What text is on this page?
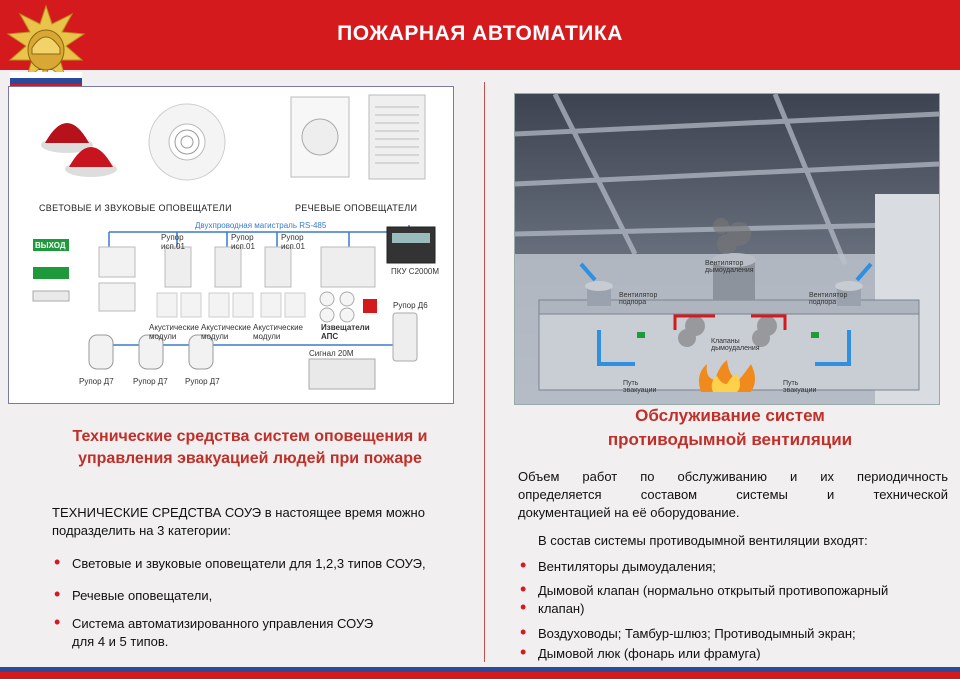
ПОЖАРНАЯ АВТОМАТИКА
СВЕТОВЫЕ И ЗВУКОВЫЕ ОПОВЕЩАТЕЛИ	РЕЧЕВЫЕ ОПОВЕЩАТЕЛИ
Двухпроводная магистраль RS-485
ВЫХОД
Рупор исп.01
Рупор исп.01
Рупор исп.01
ПКУ С2000М
Акустические модули
Акустические модули
Акустические модули
Извещатели АПС
Рупор Д6
Сигнал 20М
Рупор Д7 Рупор Д7 Рупор Д7
Вентилятор подпора
Вентилятор дымоудаления
Вентилятор подпора
Клапаны дымоудаления
Путь эвакуации
Путь эвакуации
Технические средства систем оповещения и
управления эвакуацией людей при пожаре
ТЕХНИЧЕСКИЕ СРЕДСТВА СОУЭ в настоящее время можно
подразделить на 3 категории:
• Световые и звуковые оповещатели для 1,2,3 типов СОУЭ,
• Речевые оповещатели,
• Система автоматизированного управления СОУЭ
для 4 и 5 типов.
Обслуживание систем
противодымной вентиляции
Объем работ по обслуживанию и их периодичность
определяется составом системы и технической
документацией на её оборудование.
В состав системы противодымной вентиляции входят:
• Вентиляторы дымоудаления;
• Дымовой клапан (нормально открытый противопожарный
• клапан)
• Воздуховоды; Тамбур-шлюз; Противодымный экран;
• Дымовой люк (фонарь или фрамуга)
